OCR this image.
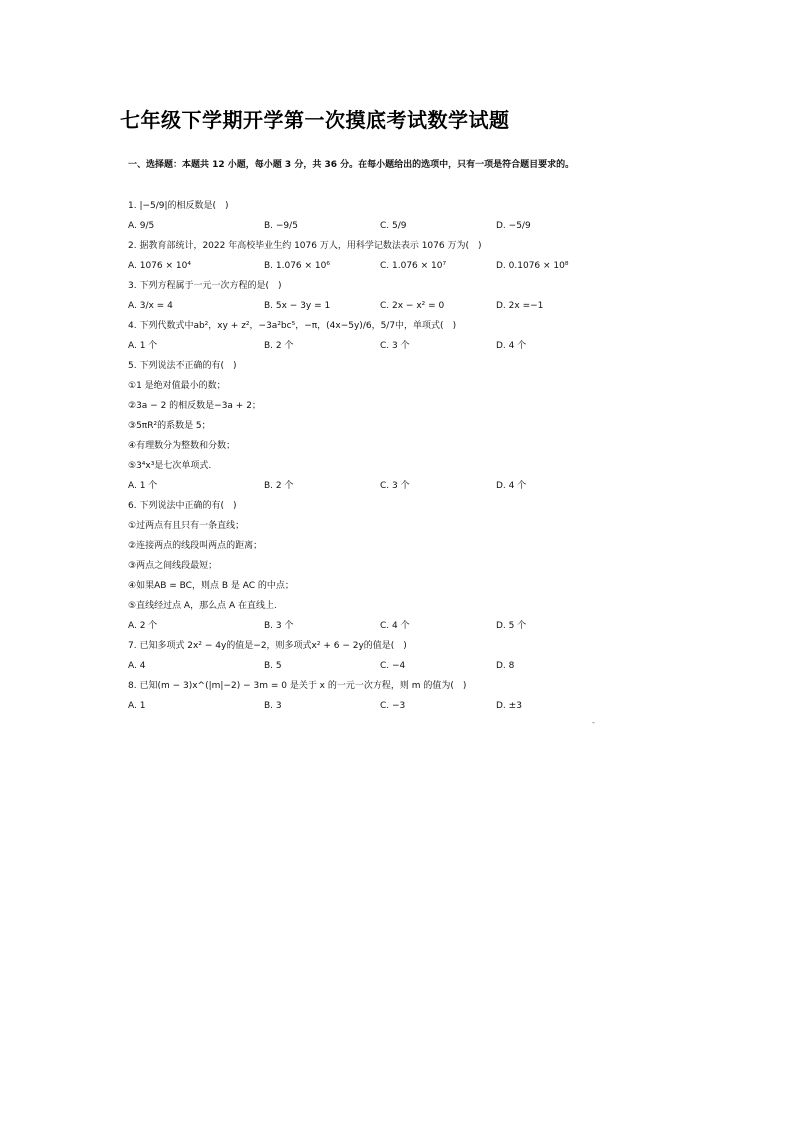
七年级下学期开学第一次摸底考试数学试题
一、选择题：本题共 12 小题，每小题 3 分，共 36 分。在每小题给出的选项中，只有一项是符合题目要求的。
1. |−5/9|的相反数是(　)
A. 9/5	B. −9/5	C. 5/9	D. −5/9
2. 据教育部统计，2022 年高校毕业生约 1076 万人，用科学记数法表示 1076 万为(　)
A. 1076 × 10⁴	B. 1.076 × 10⁶	C. 1.076 × 10⁷	D. 0.1076 × 10⁸
3. 下列方程属于一元一次方程的是(　)
A. 3/x = 4	B. 5x − 3y = 1	C. 2x − x² = 0	D. 2x =−1
4. 下列代数式中ab²，xy + z²，−3a²bc⁵，−π，(4x−5y)/6，5/7中，单项式(　)
A. 1 个	B. 2 个	C. 3 个	D. 4 个
5. 下列说法不正确的有(　)
①1 是绝对值最小的数；
②3a − 2 的相反数是−3a + 2；
③5πR²的系数是 5；
④有理数分为整数和分数；
⑤3⁴x³是七次单项式.
A. 1 个	B. 2 个	C. 3 个	D. 4 个
6. 下列说法中正确的有(　)
①过两点有且只有一条直线；
②连接两点的线段叫两点的距离；
③两点之间线段最短；
④如果AB = BC，则点 B 是 AC 的中点；
⑤直线经过点 A，那么点 A 在直线上.
A. 2 个	B. 3 个	C. 4 个	D. 5 个
7. 已知多项式 2x² − 4y的值是−2，则多项式x² + 6 − 2y的值是(　)
A. 4	B. 5	C. −4	D. 8
8. 已知(m − 3)x^(|m|−2) − 3m = 0 是关于 x 的一元一次方程，则 m 的值为(　)
A. 1	B. 3	C. −3	D. ±3
-
